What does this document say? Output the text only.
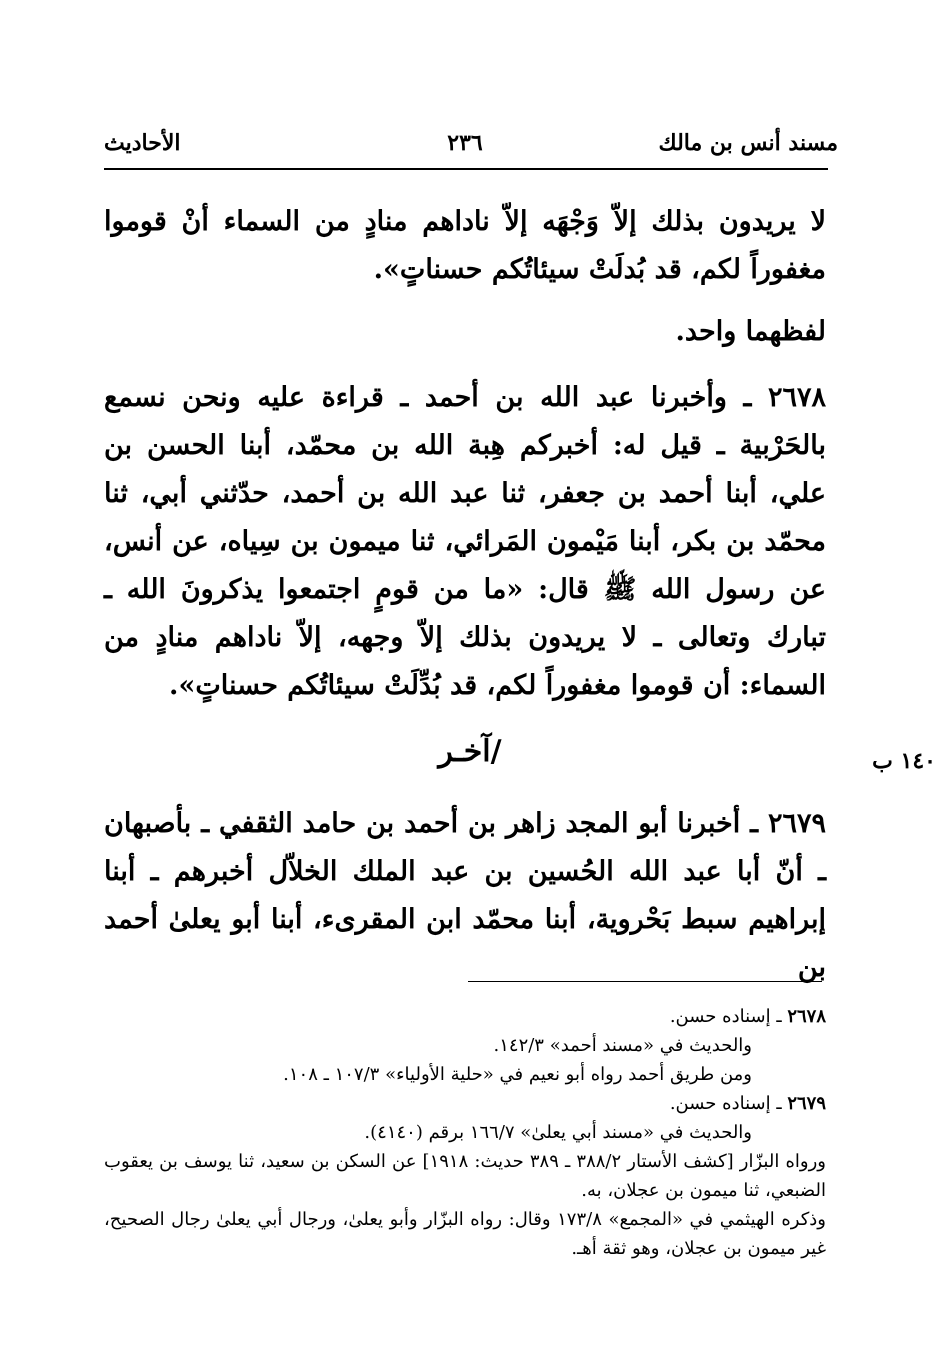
مسند أنس بن مالك
٢٣٦
الأحاديث
لا يريدون بذلك إلاّ وَجْهَه إلاّ ناداهم منادٍ من السماء أنْ قوموا مغفوراً لكم، قد بُدلَتْ سيئاتُكم حسناتٍ».
لفظهما واحد.
٢٦٧٨ ـ وأخبرنا عبد الله بن أحمد ـ قراءة عليه ونحن نسمع بالحَرْبية ـ قيل له: أخبركم هِبة الله بن محمّد، أبنا الحسن بن علي، أبنا أحمد بن جعفر، ثنا عبد الله بن أحمد، حدّثني أبي، ثنا محمّد بن بكر، أبنا مَيْمون المَرائي، ثنا ميمون بن سِياه، عن أنس، عن رسول الله ﷺ قال: «ما من قومٍ اجتمعوا يذكرونَ الله ـ تبارك وتعالى ـ لا يريدون بذلك إلاّ وجهه، إلاّ ناداهم منادٍ من السماء: أن قوموا مغفوراً لكم، قد بُدِّلَتْ سيئاتُكم حسناتٍ».
/آخـر	١٤٠ ب
٢٦٧٩ ـ أخبرنا أبو المجد زاهر بن أحمد بن حامد الثقفي ـ بأصبهان ـ أنّ أبا عبد الله الحُسين بن عبد الملك الخلاّل أخبرهم ـ أبنا إبراهيم سبط بَحْروية، أبنا محمّد ابن المقرىء، أبنا أبو يعلىٰ أحمد بن
٢٦٧٨ ـ إسناده حسن.
والحديث في «مسند أحمد» ١٤٢/٣.
ومن طريق أحمد رواه أبو نعيم في «حلية الأولياء» ١٠٧/٣ ـ ١٠٨.
٢٦٧٩ ـ إسناده حسن.
والحديث في «مسند أبي يعلىٰ» ١٦٦/٧ برقم (٤١٤٠).
ورواه البزّار [كشف الأستار ٣٨٨/٢ ـ ٣٨٩ حديث: ١٩١٨] عن السكن بن سعيد، ثنا يوسف بن يعقوب الضبعي، ثنا ميمون بن عجلان، به.
وذكره الهيثمي في «المجمع» ١٧٣/٨ وقال: رواه البزّار وأبو يعلىٰ، ورجال أبي يعلىٰ رجال الصحيح، غير ميمون بن عجلان، وهو ثقة أهـ.
